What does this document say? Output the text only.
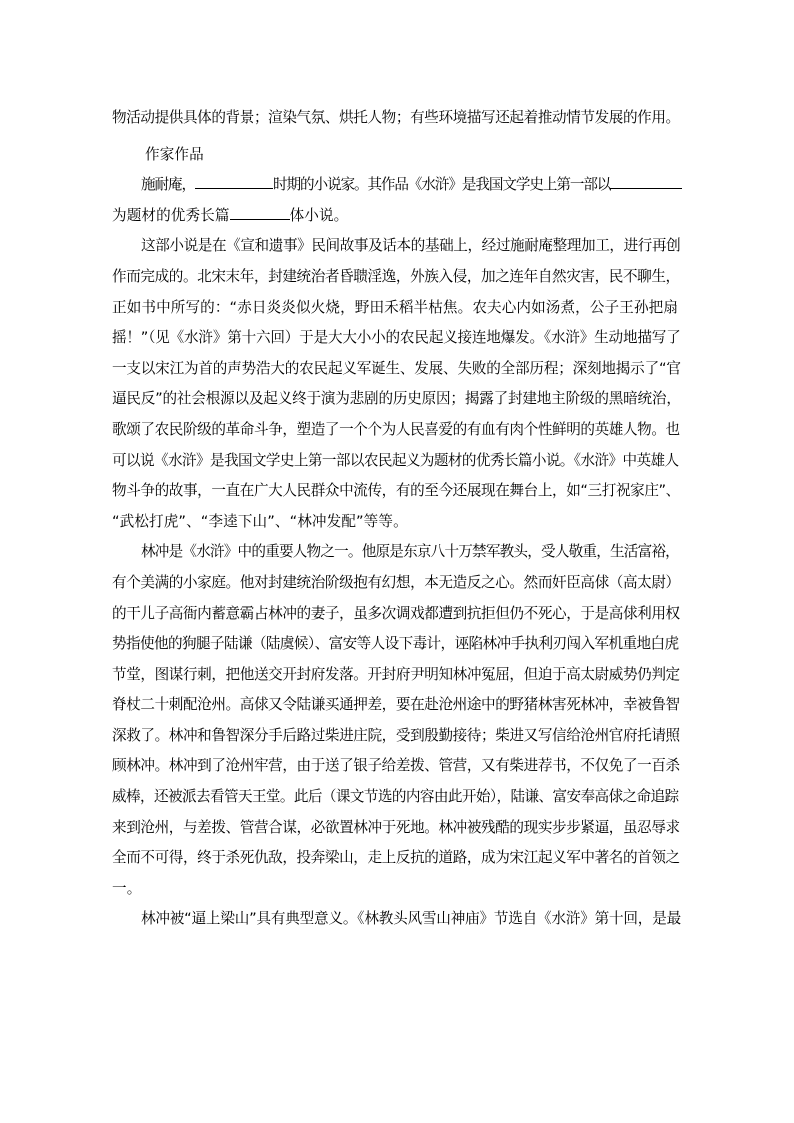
物活动提供具体的背景；渲染气氛、烘托人物；有些环境描写还起着推动情节发展的作用。
作家作品
施耐庵，	时期的小说家。其作品《水浒》是我国文学史上第一部以
为题材的优秀长篇	体小说。
这部小说是在《宣和遗事》民间故事及话本的基础上，经过施耐庵整理加工，进行再创
作而完成的。北宋末年，封建统治者昏聩淫逸，外族入侵，加之连年自然灾害，民不聊生，
正如书中所写的：“赤日炎炎似火烧，野田禾稻半枯焦。农夫心内如汤煮，公子王孙把扇
摇！”（见《水浒》第十六回）于是大大小小的农民起义接连地爆发。《水浒》生动地描写了
一支以宋江为首的声势浩大的农民起义军诞生、发展、失败的全部历程；深刻地揭示了“官
逼民反”的社会根源以及起义终于演为悲剧的历史原因；揭露了封建地主阶级的黑暗统治，
歌颂了农民阶级的革命斗争，塑造了一个个为人民喜爱的有血有肉个性鲜明的英雄人物。也
可以说《水浒》是我国文学史上第一部以农民起义为题材的优秀长篇小说。《水浒》中英雄人
物斗争的故事，一直在广大人民群众中流传，有的至今还展现在舞台上，如“三打祝家庄”、
“武松打虎”、“李逵下山”、“林冲发配”等等。
林冲是《水浒》中的重要人物之一。他原是东京八十万禁军教头，受人敬重，生活富裕，
有个美满的小家庭。他对封建统治阶级抱有幻想，本无造反之心。然而奸臣高俅（高太尉）
的干儿子高衙内蓄意霸占林冲的妻子，虽多次调戏都遭到抗拒但仍不死心，于是高俅利用权
势指使他的狗腿子陆谦（陆虞候）、富安等人设下毒计，诬陷林冲手执利刃闯入军机重地白虎
节堂，图谋行刺，把他送交开封府发落。开封府尹明知林冲冤屈，但迫于高太尉威势仍判定
脊杖二十刺配沧州。高俅又令陆谦买通押差，要在赴沧州途中的野猪林害死林冲，幸被鲁智
深救了。林冲和鲁智深分手后路过柴进庄院，受到殷勤接待；柴进又写信给沧州官府托请照
顾林冲。林冲到了沧州牢营，由于送了银子给差拨、管营，又有柴进荐书，不仅免了一百杀
威棒，还被派去看管天王堂。此后（课文节选的内容由此开始），陆谦、富安奉高俅之命追踪
来到沧州，与差拨、管营合谋，必欲置林冲于死地。林冲被残酷的现实步步紧逼，虽忍辱求
全而不可得，终于杀死仇敌，投奔梁山，走上反抗的道路，成为宋江起义军中著名的首领之
一。
林冲被“逼上梁山”具有典型意义。《林教头风雪山神庙》节选自《水浒》第十回，是最
